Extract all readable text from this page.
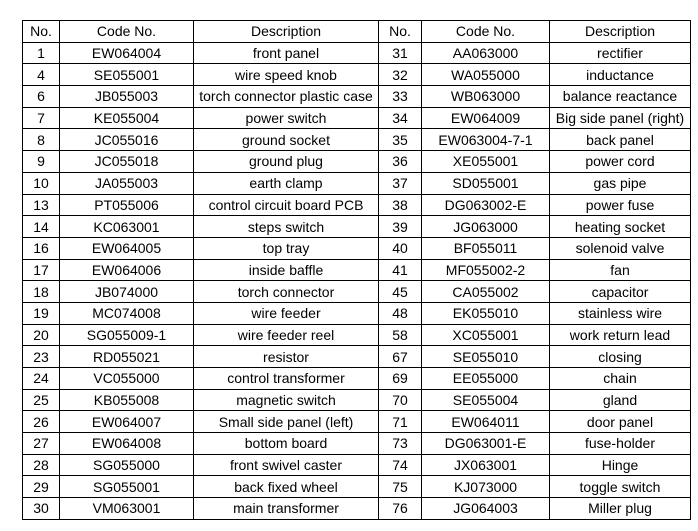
No.	Code No.	Description	No.	Code No.	Description
1	EW064004	front panel	31	AA063000	rectifier
4	SE055001	wire speed knob	32	WA055000	inductance
6	JB055003	torch connector plastic case	33	WB063000	balance reactance
7	KE055004	power switch	34	EW064009	Big side panel (right)
8	JC055016	ground socket	35	EW063004-7-1	back panel
9	JC055018	ground plug	36	XE055001	power cord
10	JA055003	earth clamp	37	SD055001	gas pipe
13	PT055006	control circuit board PCB	38	DG063002-E	power fuse
14	KC063001	steps switch	39	JG063000	heating socket
16	EW064005	top tray	40	BF055011	solenoid valve
17	EW064006	inside baffle	41	MF055002-2	fan
18	JB074000	torch connector	45	CA055002	capacitor
19	MC074008	wire feeder	48	EK055010	stainless wire
20	SG055009-1	wire feeder reel	58	XC055001	work return lead
23	RD055021	resistor	67	SE055010	closing
24	VC055000	control transformer	69	EE055000	chain
25	KB055008	magnetic switch	70	SE055004	gland
26	EW064007	Small side panel (left)	71	EW064011	door panel
27	EW064008	bottom board	73	DG063001-E	fuse-holder
28	SG055000	front swivel caster	74	JX063001	Hinge
29	SG055001	back fixed wheel	75	KJ073000	toggle switch
30	VM063001	main transformer	76	JG064003	Miller plug
